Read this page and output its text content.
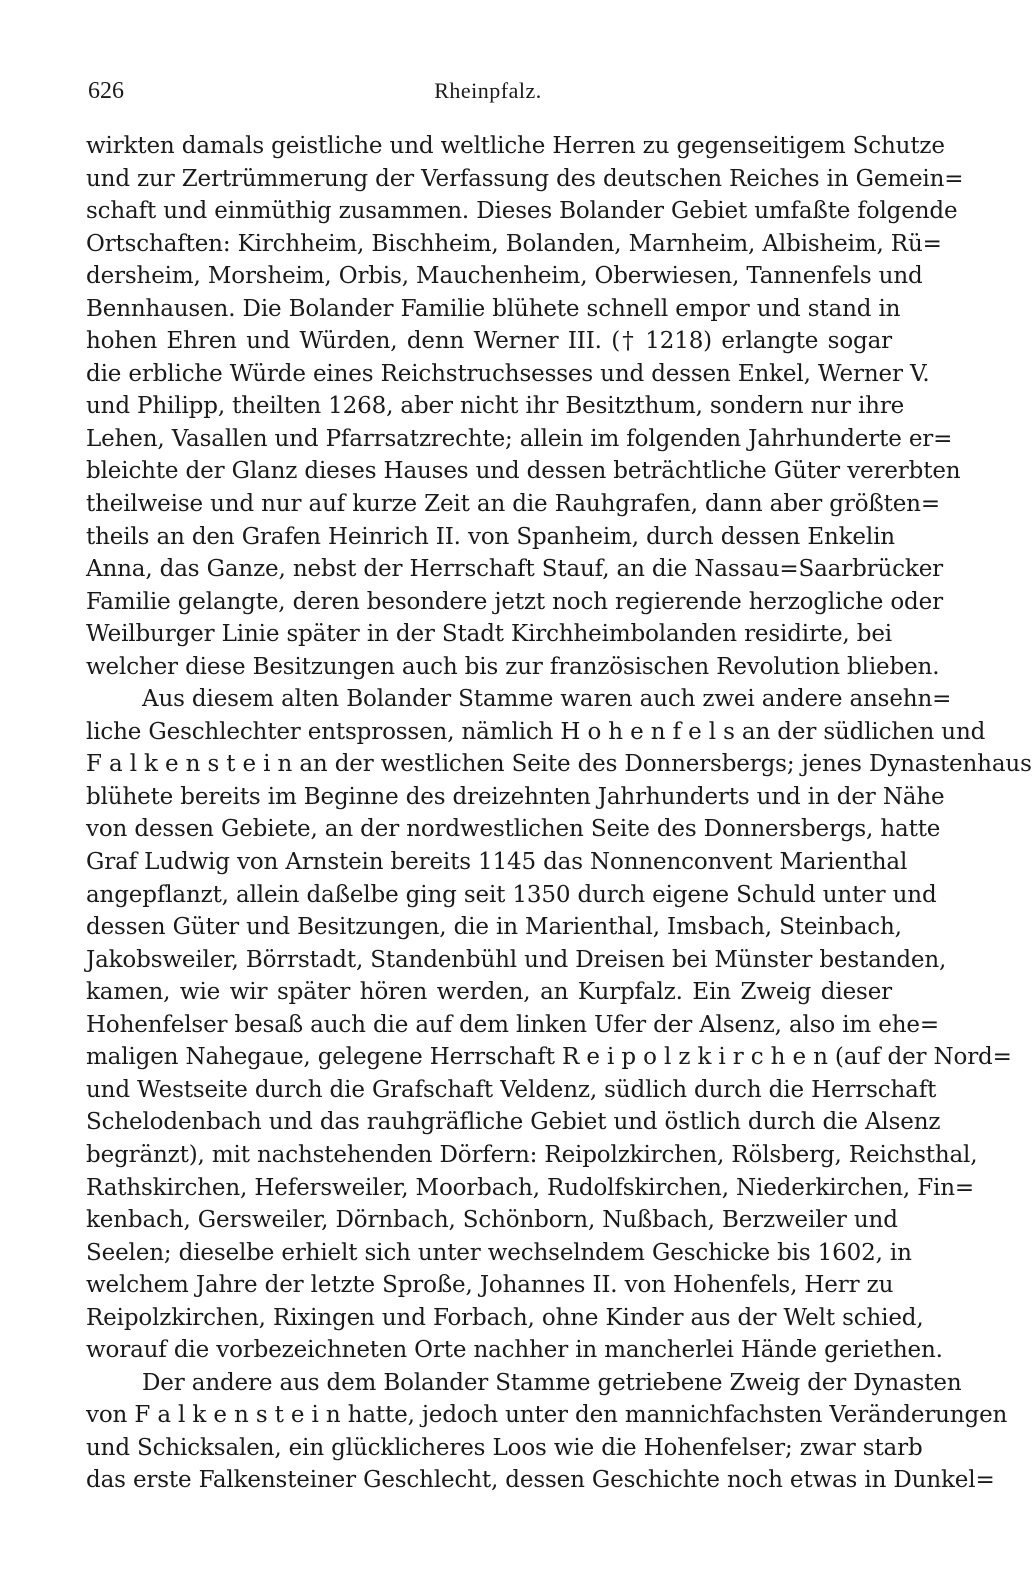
626	Rheinpfalz.
wirkten damals geistliche und weltliche Herren zu gegenseitigem Schutze
und zur Zertrümmerung der Verfassung des deutschen Reiches in Gemein=
schaft und einmüthig zusammen. Dieses Bolander Gebiet umfaßte folgende
Ortschaften: Kirchheim, Bischheim, Bolanden, Marnheim, Albisheim, Rü=
dersheim, Morsheim, Orbis, Mauchenheim, Oberwiesen, Tannenfels und
Bennhausen. Die Bolander Familie blühete schnell empor und stand in
hohen Ehren und Würden, denn Werner III. († 1218) erlangte sogar
die erbliche Würde eines Reichstruchsesses und dessen Enkel, Werner V.
und Philipp, theilten 1268, aber nicht ihr Besitzthum, sondern nur ihre
Lehen, Vasallen und Pfarrsatzrechte; allein im folgenden Jahrhunderte er=
bleichte der Glanz dieses Hauses und dessen beträchtliche Güter vererbten
theilweise und nur auf kurze Zeit an die Rauhgrafen, dann aber größten=
theils an den Grafen Heinrich II. von Spanheim, durch dessen Enkelin
Anna, das Ganze, nebst der Herrschaft Stauf, an die Nassau=Saarbrücker
Familie gelangte, deren besondere jetzt noch regierende herzogliche oder
Weilburger Linie später in der Stadt Kirchheimbolanden residirte, bei
welcher diese Besitzungen auch bis zur französischen Revolution blieben.
Aus diesem alten Bolander Stamme waren auch zwei andere ansehn=
liche Geschlechter entsprossen, nämlich H o h e n f e l s an der südlichen und
F a l k e n s t e i n an der westlichen Seite des Donnersbergs; jenes Dynastenhaus
blühete bereits im Beginne des dreizehnten Jahrhunderts und in der Nähe
von dessen Gebiete, an der nordwestlichen Seite des Donnersbergs, hatte
Graf Ludwig von Arnstein bereits 1145 das Nonnenconvent Marienthal
angepflanzt, allein daßelbe ging seit 1350 durch eigene Schuld unter und
dessen Güter und Besitzungen, die in Marienthal, Imsbach, Steinbach,
Jakobsweiler, Börrstadt, Standenbühl und Dreisen bei Münster bestanden,
kamen, wie wir später hören werden, an Kurpfalz. Ein Zweig dieser
Hohenfelser besaß auch die auf dem linken Ufer der Alsenz, also im ehe=
maligen Nahegaue, gelegene Herrschaft R e i p o l z k i r c h e n (auf der Nord=
und Westseite durch die Grafschaft Veldenz, südlich durch die Herrschaft
Schelodenbach und das rauhgräfliche Gebiet und östlich durch die Alsenz
begränzt), mit nachstehenden Dörfern: Reipolzkirchen, Rölsberg, Reichsthal,
Rathskirchen, Hefersweiler, Moorbach, Rudolfskirchen, Niederkirchen, Fin=
kenbach, Gersweiler, Dörnbach, Schönborn, Nußbach, Berzweiler und
Seelen; dieselbe erhielt sich unter wechselndem Geschicke bis 1602, in
welchem Jahre der letzte Sproße, Johannes II. von Hohenfels, Herr zu
Reipolzkirchen, Rixingen und Forbach, ohne Kinder aus der Welt schied,
worauf die vorbezeichneten Orte nachher in mancherlei Hände geriethen.
Der andere aus dem Bolander Stamme getriebene Zweig der Dynasten
von F a l k e n s t e i n hatte, jedoch unter den mannichfachsten Veränderungen
und Schicksalen, ein glücklicheres Loos wie die Hohenfelser; zwar starb
das erste Falkensteiner Geschlecht, dessen Geschichte noch etwas in Dunkel=
